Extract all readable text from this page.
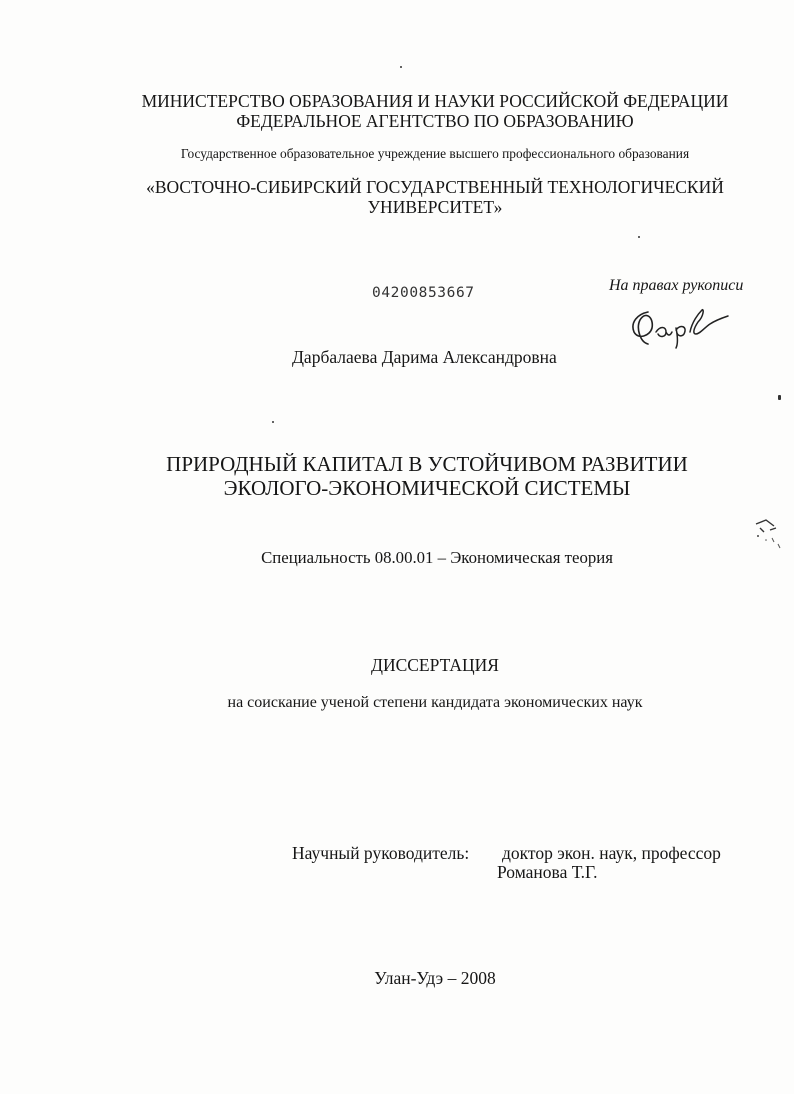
МИНИСТЕРСТВО ОБРАЗОВАНИЯ И НАУКИ РОССИЙСКОЙ ФЕДЕРАЦИИ
ФЕДЕРАЛЬНОЕ АГЕНТСТВО ПО ОБРАЗОВАНИЮ
Государственное образовательное учреждение высшего профессионального образования
«ВОСТОЧНО-СИБИРСКИЙ ГОСУДАРСТВЕННЫЙ ТЕХНОЛОГИЧЕСКИЙ
УНИВЕРСИТЕТ»
04200853667	На правах рукописи
Дарбалаева Дарима Александровна
ПРИРОДНЫЙ КАПИТАЛ В УСТОЙЧИВОМ РАЗВИТИИ
ЭКОЛОГО-ЭКОНОМИЧЕСКОЙ СИСТЕМЫ
Специальность 08.00.01 – Экономическая теория
ДИССЕРТАЦИЯ
на соискание ученой степени кандидата экономических наук
Научный руководитель: доктор экон. наук, профессор
Романова Т.Г.
Улан-Удэ – 2008
